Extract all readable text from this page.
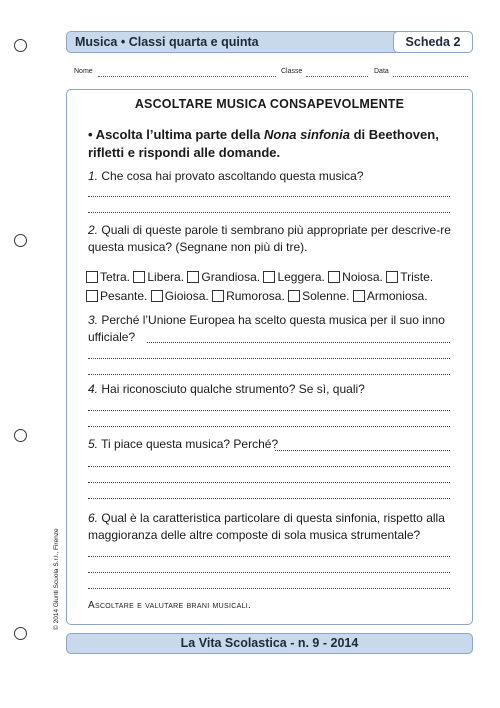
Musica • Classi quarta e quinta	Scheda 2
Nome	Classe	Data
ASCOLTARE MUSICA CONSAPEVOLMENTE
• Ascolta l’ultima parte della Nona sinfonia di Beethoven, rifletti e rispondi alle domande.
1. Che cosa hai provato ascoltando questa musica?
2. Quali di queste parole ti sembrano più appropriate per descrive-re questa musica? (Segnane non più di tre).
Tetra. Libera. Grandiosa. Leggera. Noiosa. Triste.
Pesante. Gioiosa. Rumorosa. Solenne. Armoniosa.
3. Perché l’Unione Europea ha scelto questa musica per il suo inno ufficiale?
4. Hai riconosciuto qualche strumento? Se sì, quali?
5. Ti piace questa musica? Perché?
6. Qual è la caratteristica particolare di questa sinfonia, rispetto alla maggioranza delle altre composte di sola musica strumentale?
Ascoltare e valutare brani musicali.
© 2014 Giunti Scuola S.r.l., Firenze
La Vita Scolastica - n. 9 - 2014
